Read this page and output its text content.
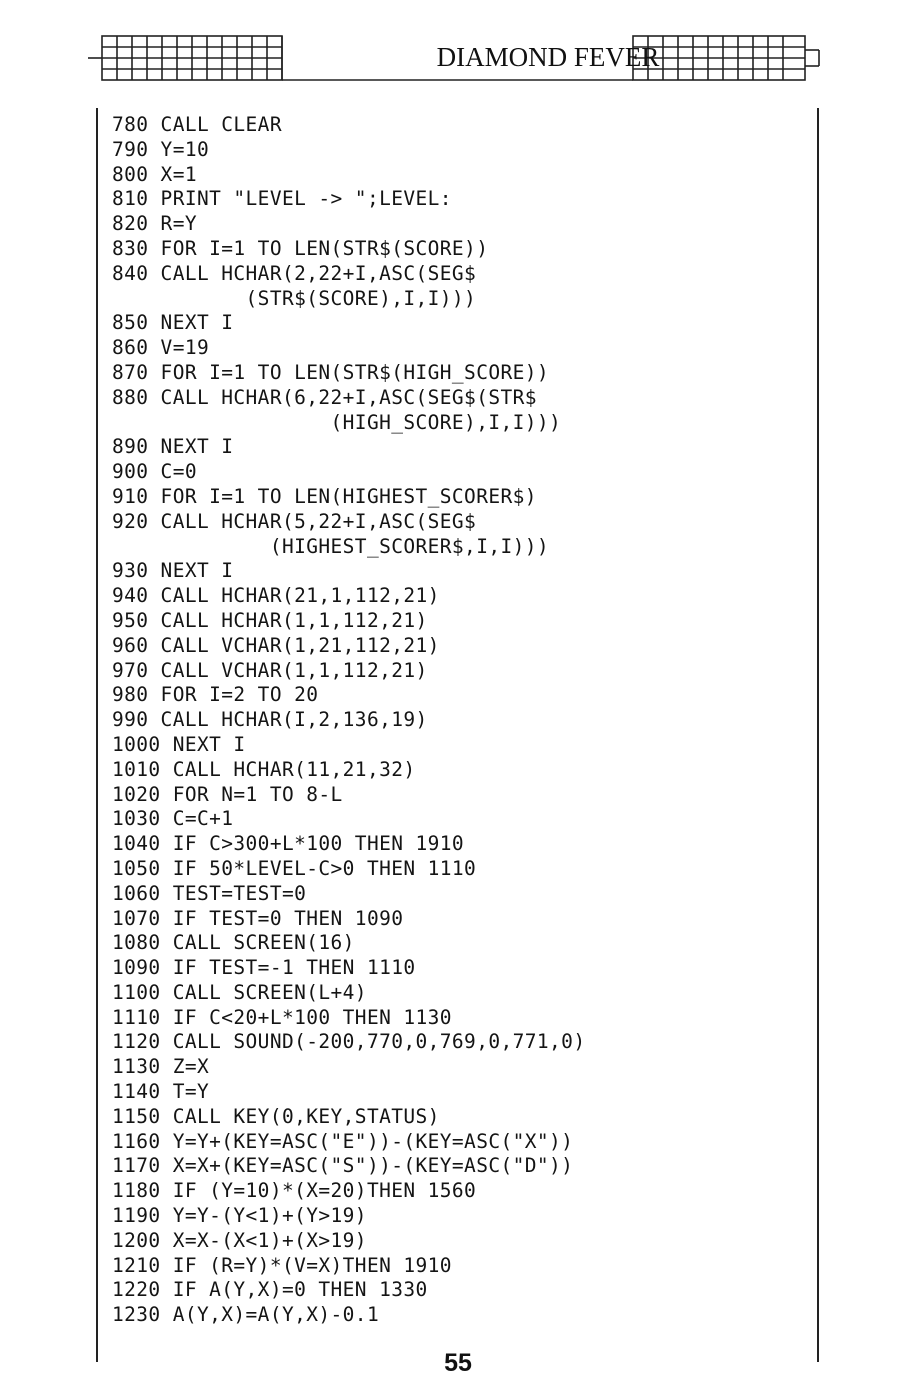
DIAMOND FEVER
780 CALL CLEAR
790 Y=10
800 X=1
810 PRINT "LEVEL -> ";LEVEL:
820 R=Y
830 FOR I=1 TO LEN(STR$(SCORE))
840 CALL HCHAR(2,22+I,ASC(SEG$
(STR$(SCORE),I,I)))
850 NEXT I
860 V=19
870 FOR I=1 TO LEN(STR$(HIGH_SCORE))
880 CALL HCHAR(6,22+I,ASC(SEG$(STR$
(HIGH_SCORE),I,I)))
890 NEXT I
900 C=0
910 FOR I=1 TO LEN(HIGHEST_SCORER$)
920 CALL HCHAR(5,22+I,ASC(SEG$
(HIGHEST_SCORER$,I,I)))
930 NEXT I
940 CALL HCHAR(21,1,112,21)
950 CALL HCHAR(1,1,112,21)
960 CALL VCHAR(1,21,112,21)
970 CALL VCHAR(1,1,112,21)
980 FOR I=2 TO 20
990 CALL HCHAR(I,2,136,19)
1000 NEXT I
1010 CALL HCHAR(11,21,32)
1020 FOR N=1 TO 8-L
1030 C=C+1
1040 IF C>300+L*100 THEN 1910
1050 IF 50*LEVEL-C>0 THEN 1110
1060 TEST=TEST=0
1070 IF TEST=0 THEN 1090
1080 CALL SCREEN(16)
1090 IF TEST=-1 THEN 1110
1100 CALL SCREEN(L+4)
1110 IF C<20+L*100 THEN 1130
1120 CALL SOUND(-200,770,0,769,0,771,0)
1130 Z=X
1140 T=Y
1150 CALL KEY(0,KEY,STATUS)
1160 Y=Y+(KEY=ASC("E"))-(KEY=ASC("X"))
1170 X=X+(KEY=ASC("S"))-(KEY=ASC("D"))
1180 IF (Y=10)*(X=20)THEN 1560
1190 Y=Y-(Y<1)+(Y>19)
1200 X=X-(X<1)+(X>19)
1210 IF (R=Y)*(V=X)THEN 1910
1220 IF A(Y,X)=0 THEN 1330
1230 A(Y,X)=A(Y,X)-0.1
55
